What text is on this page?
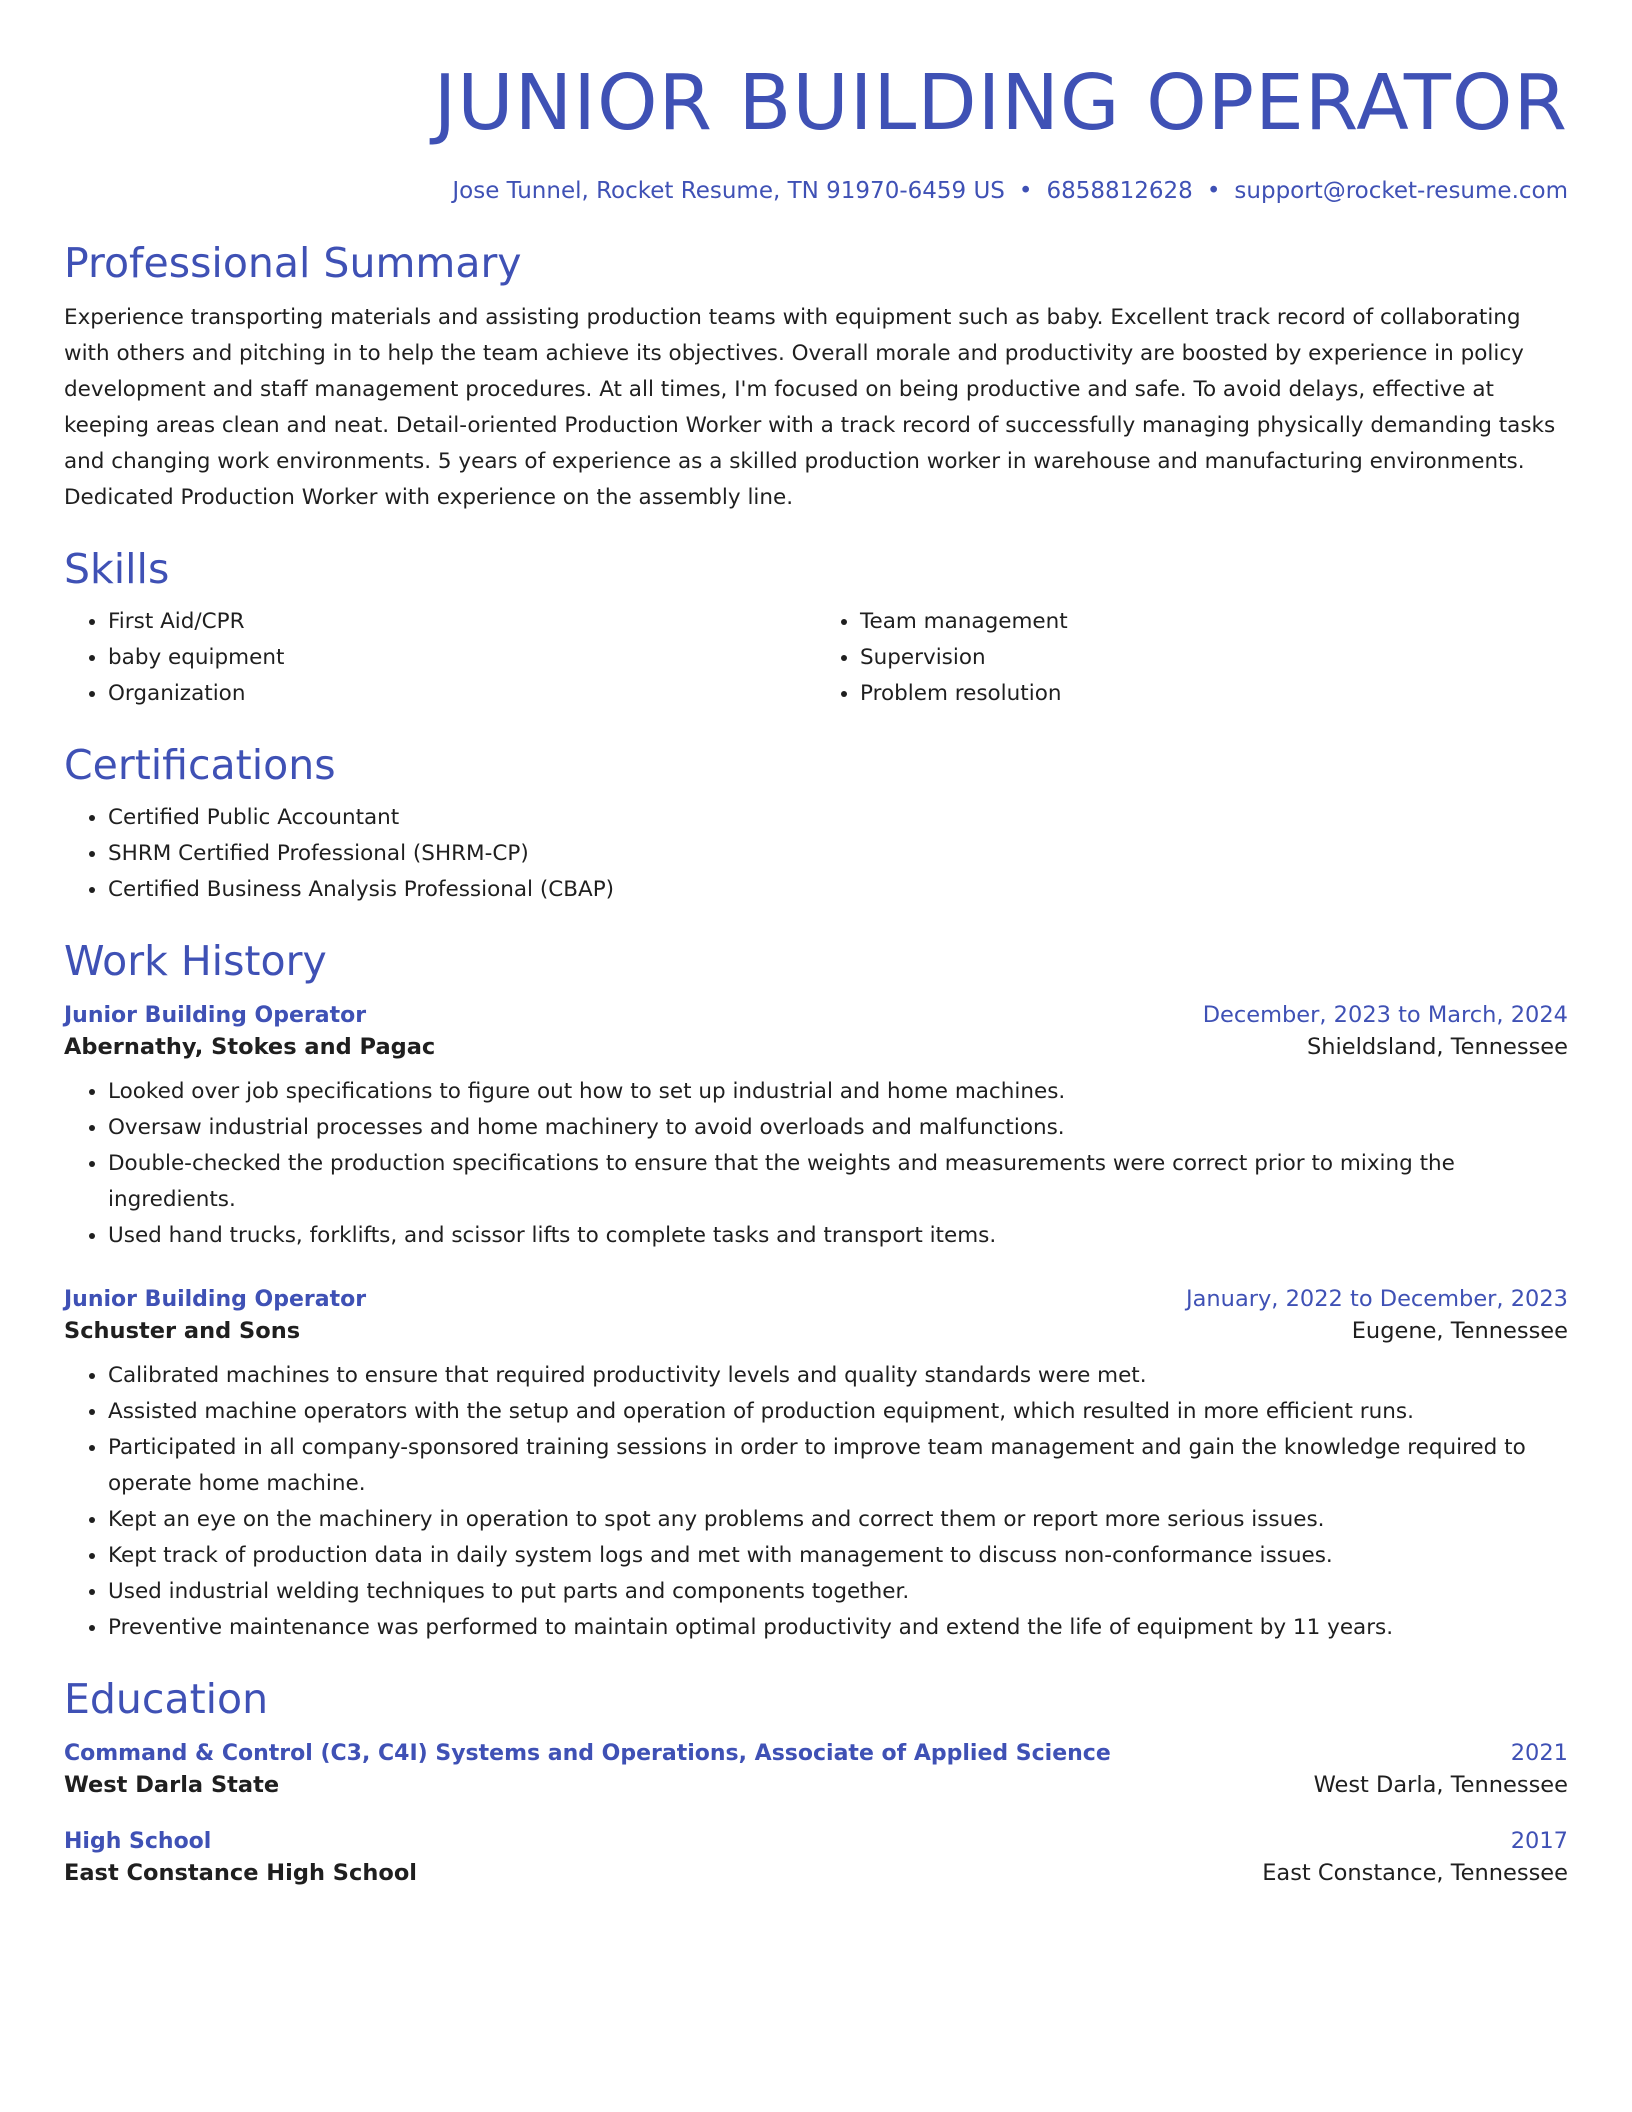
JUNIOR BUILDING OPERATOR
Jose Tunnel, Rocket Resume, TN 91970-6459 US • 6858812628 • support@rocket-resume.com
Professional Summary

Experience transporting materials and assisting production teams with equipment such as baby. Excellent track record of collaborating with others and pitching in to help the team achieve its objectives. Overall morale and productivity are boosted by experience in policy development and staff management procedures. At all times, I'm focused on being productive and safe. To avoid delays, effective at keeping areas clean and neat. Detail-oriented Production Worker with a track record of successfully managing physically demanding tasks and changing work environments. 5 years of experience as a skilled production worker in warehouse and manufacturing environments. Dedicated Production Worker with experience on the assembly line.

Skills
• First Aid/CPR
• baby equipment
• Organization
• Team management
• Supervision
• Problem resolution
Certifications
• Certified Public Accountant
• SHRM Certified Professional (SHRM-CP)
• Certified Business Analysis Professional (CBAP)
Work History
Junior Building Operator	December, 2023 to March, 2024
Abernathy, Stokes and Pagac	Shieldsland, Tennessee
• Looked over job specifications to figure out how to set up industrial and home machines.
• Oversaw industrial processes and home machinery to avoid overloads and malfunctions.
• Double-checked the production specifications to ensure that the weights and measurements were correct prior to mixing the ingredients.
• Used hand trucks, forklifts, and scissor lifts to complete tasks and transport items.
Junior Building Operator	January, 2022 to December, 2023
Schuster and Sons	Eugene, Tennessee
• Calibrated machines to ensure that required productivity levels and quality standards were met.
• Assisted machine operators with the setup and operation of production equipment, which resulted in more efficient runs.
• Participated in all company-sponsored training sessions in order to improve team management and gain the knowledge required to operate home machine.
• Kept an eye on the machinery in operation to spot any problems and correct them or report more serious issues.
• Kept track of production data in daily system logs and met with management to discuss non-conformance issues.
• Used industrial welding techniques to put parts and components together.
• Preventive maintenance was performed to maintain optimal productivity and extend the life of equipment by 11 years.
Education
Command & Control (C3, C4I) Systems and Operations, Associate of Applied Science	2021
West Darla State	West Darla, Tennessee
High School	2017
East Constance High School	East Constance, Tennessee
